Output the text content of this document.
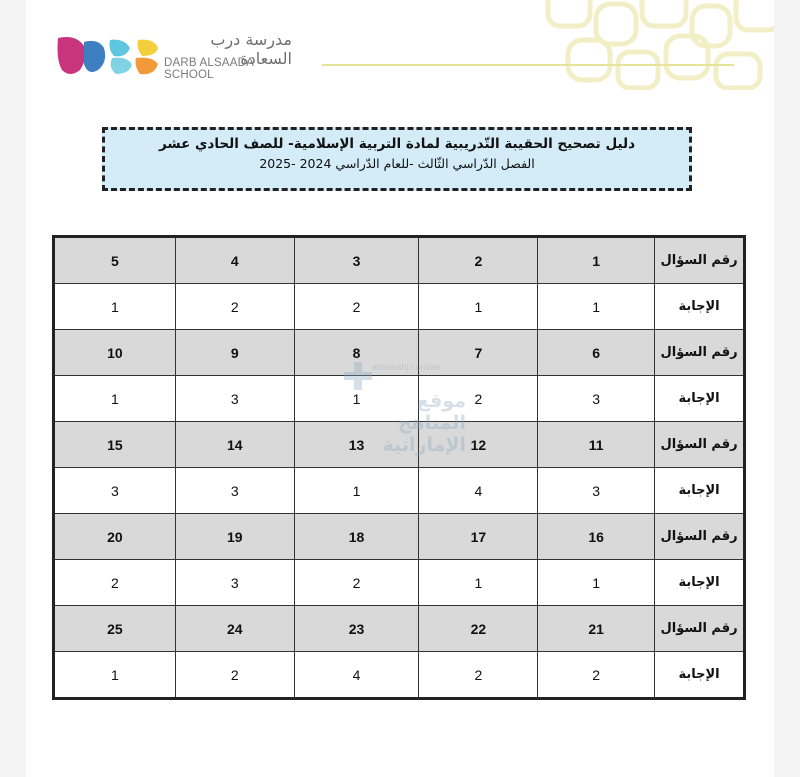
مدرسة درب السعادة
DARB ALSAADA SCHOOL
دليل تصحيح الحقيبة التّدريبية لمادة التربية الإسلامية- للصف الحادي عشر
الفصل الدّراسي الثّالث -للعام الدّراسي 2024 -2025
رقم السؤال	1	2	3	4	5
الإجابة	1	1	2	2	1
رقم السؤال	6	7	8	9	10
الإجابة	3	2	1	3	1
رقم السؤال	11	12	13	14	15
الإجابة	3	4	1	3	3
رقم السؤال	16	17	18	19	20
الإجابة	1	1	2	3	2
رقم السؤال	21	22	23	24	25
الإجابة	2	2	4	2	1
almanahj.com/ae
موقع المناهج الإماراتية
